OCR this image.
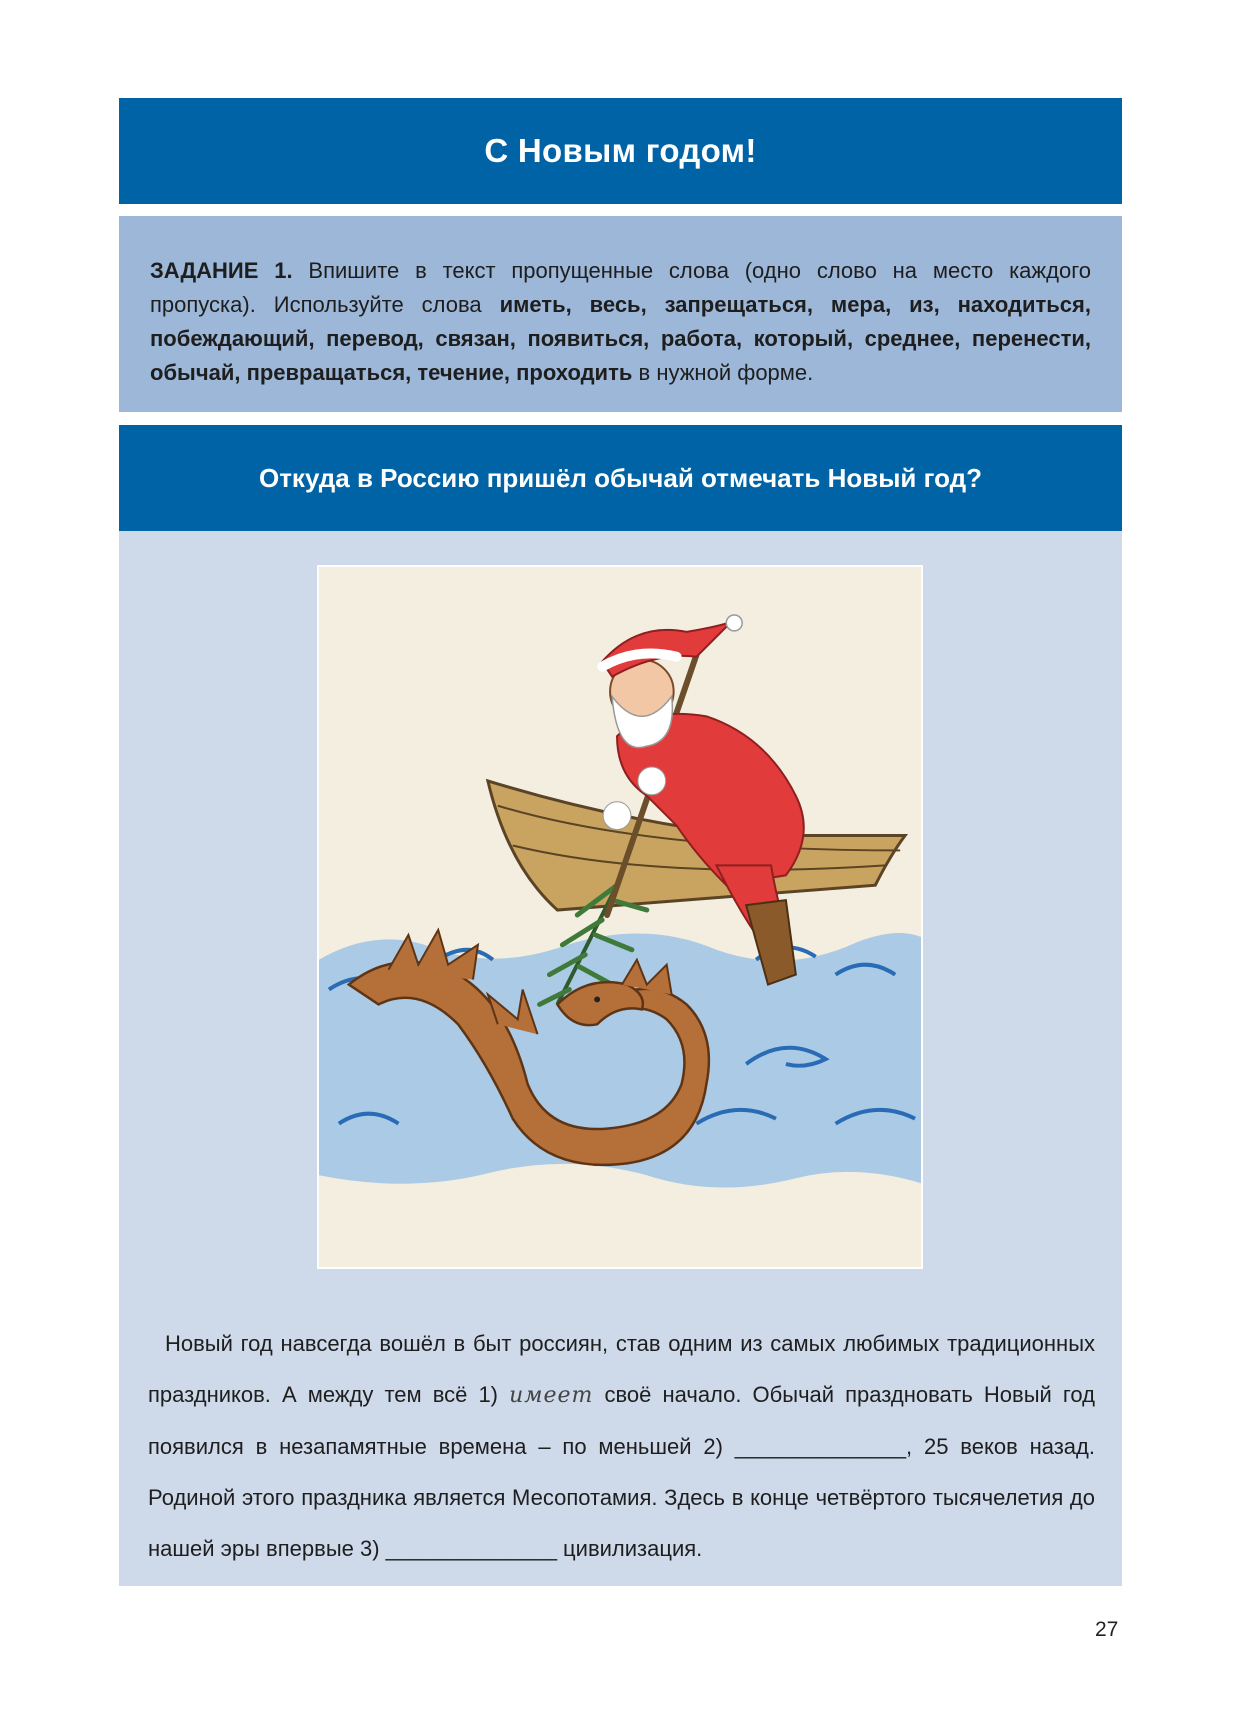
С Новым годом!
ЗАДАНИЕ 1. Впишите в текст пропущенные слова (одно слово на место каждого пропуска). Используйте слова иметь, весь, запрещаться, мера, из, находиться, побеждающий, перевод, связан, появиться, работа, который, среднее, перенести, обычай, превращаться, течение, проходить в нужной форме.
Откуда в Россию пришёл обычай отмечать Новый год?

Новый год навсегда вошёл в быт россиян, став одним из самых любимых традиционных праздников. А между тем всё 1) имеет своё начало. Обычай праздновать Новый год появился в незапамятные времена – по меньшей 2) ______________, 25 веков назад. Родиной этого праздника является Месопотамия. Здесь в конце четвёртого тысячелетия до нашей эры впервые 3) ______________ цивилизация.

27
